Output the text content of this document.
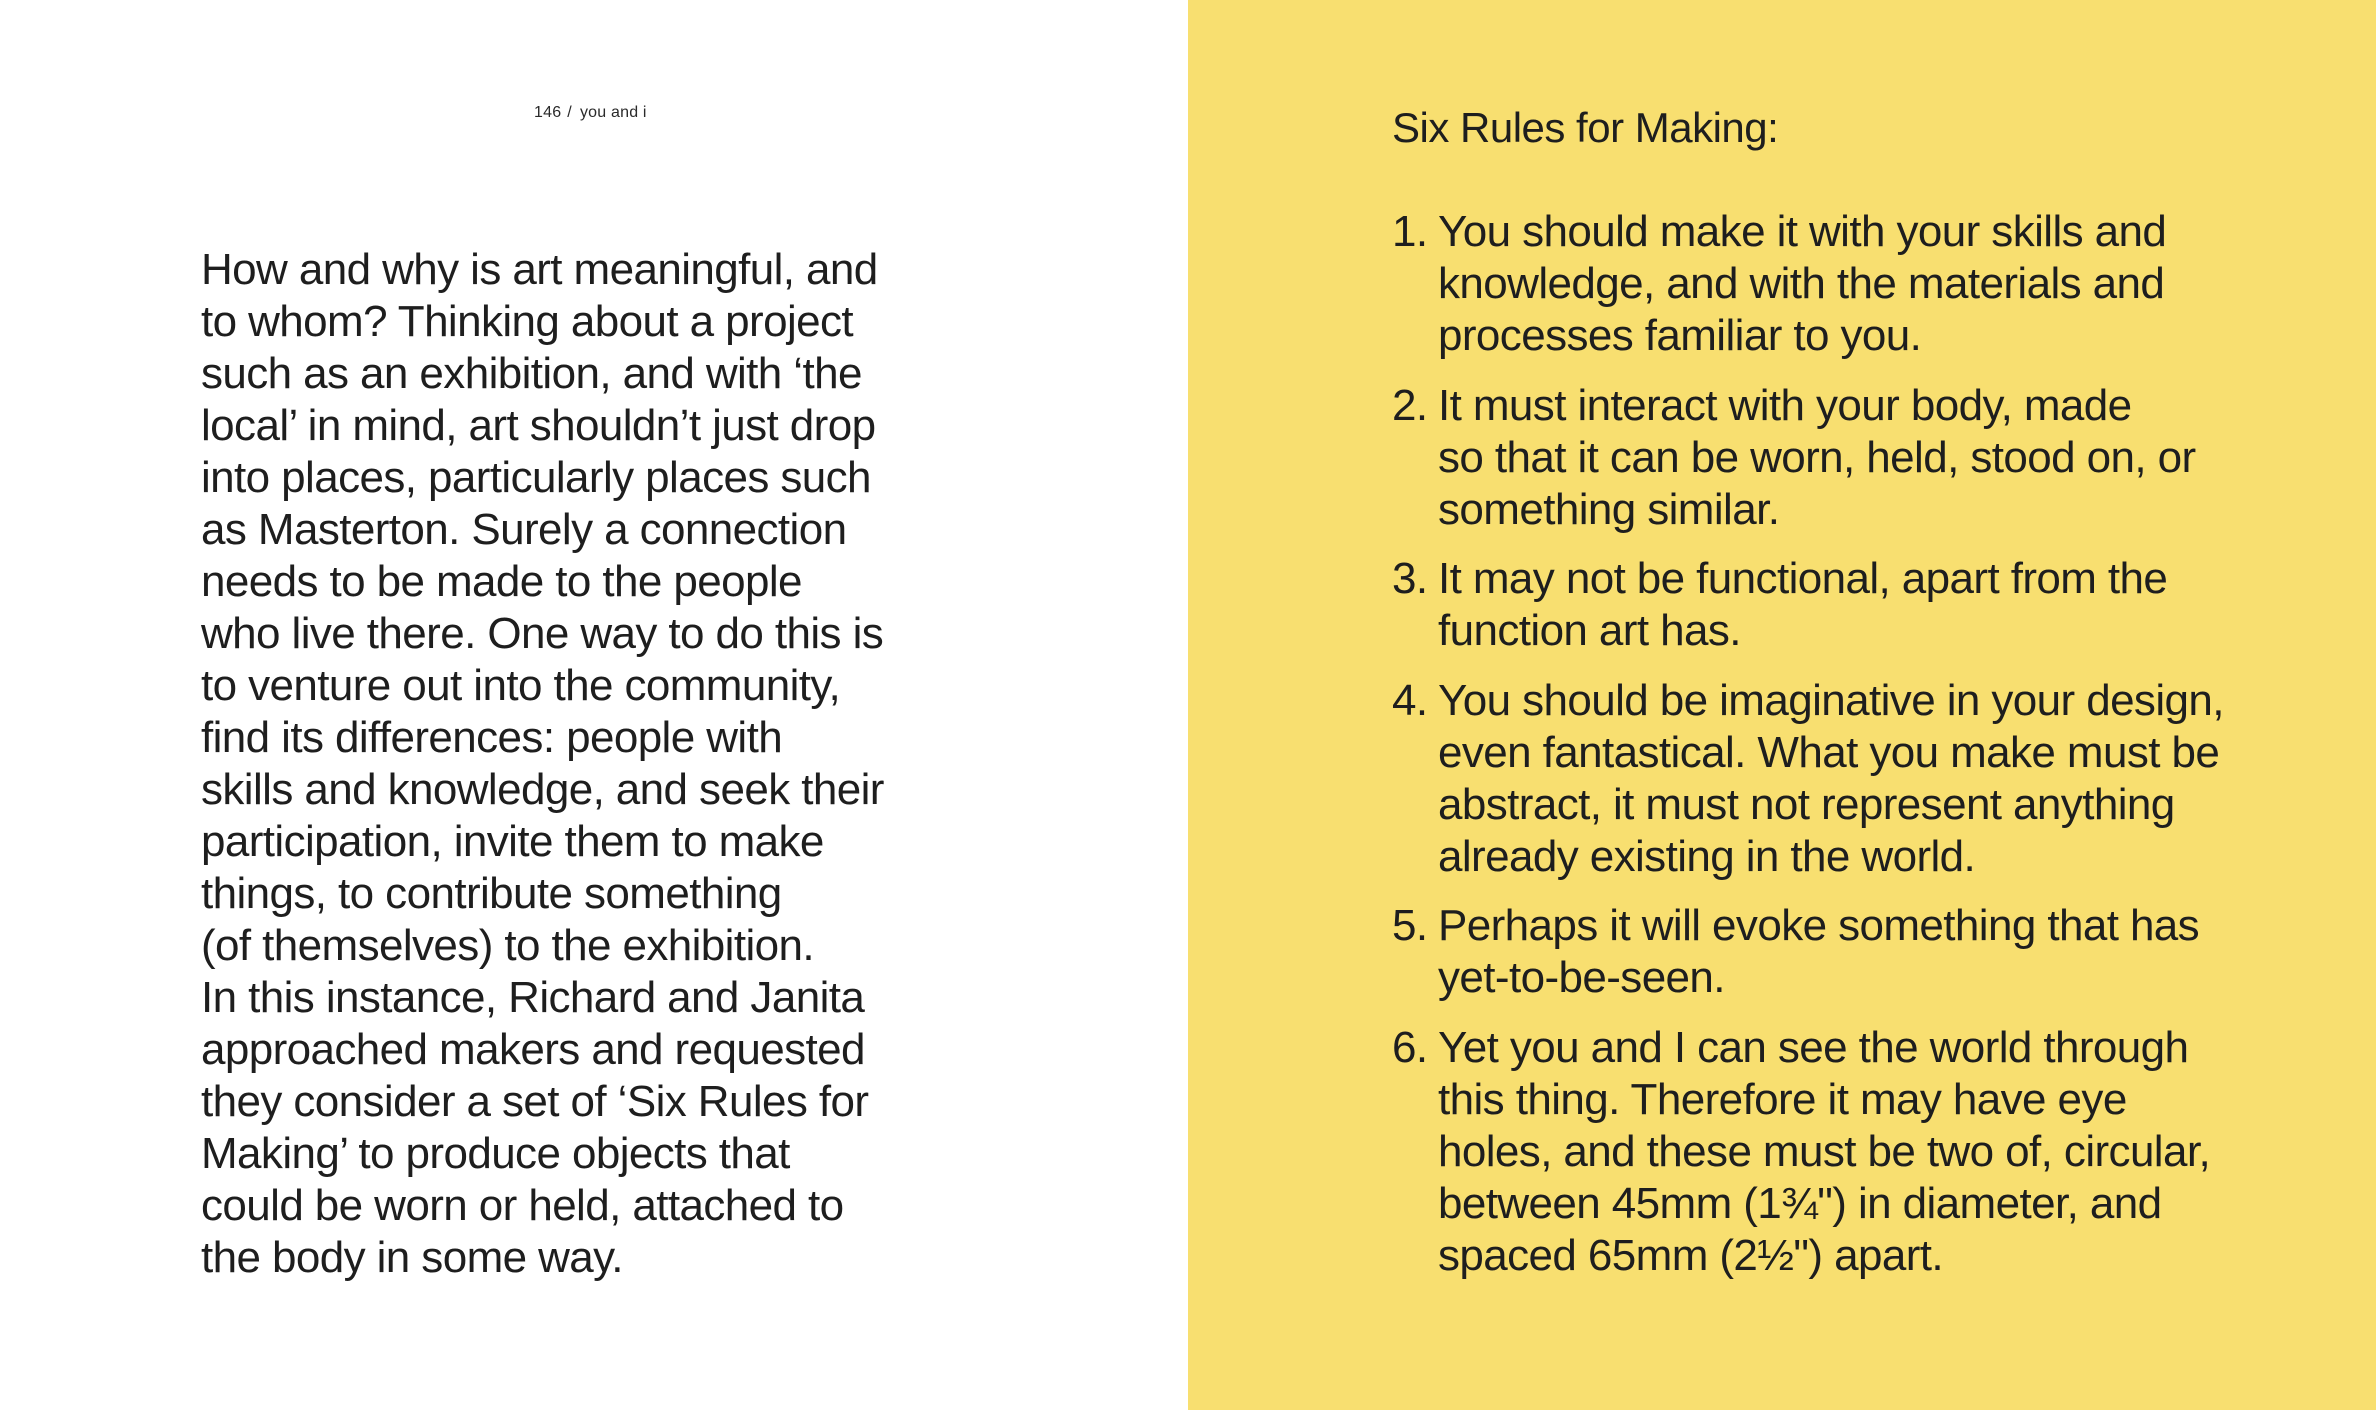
146 / you and i
How and why is art meaningful, and
to whom? Thinking about a project
such as an exhibition, and with ‘the
local’ in mind, art shouldn’t just drop
into places, particularly places such
as Masterton. Surely a connection
needs to be made to the people
who live there. One way to do this is
to venture out into the community,
find its differences: people with
skills and knowledge, and seek their
participation, invite them to make
things, to contribute something
(of themselves) to the exhibition.
In this instance, Richard and Janita
approached makers and requested
they consider a set of ‘Six Rules for
Making’ to produce objects that
could be worn or held, attached to
the body in some way.
Six Rules for Making:
1. You should make it with your skills and
knowledge, and with the materials and
processes familiar to you.
2. It must interact with your body, made
so that it can be worn, held, stood on, or
something similar.
3. It may not be functional, apart from the
function art has.
4. You should be imaginative in your design,
even fantastical. What you make must be
abstract, it must not represent anything
already existing in the world.
5. Perhaps it will evoke something that has
yet-to-be-seen.
6. Yet you and I can see the world through
this thing. Therefore it may have eye
holes, and these must be two of, circular,
between 45mm (1¾") in diameter, and
spaced 65mm (2½") apart.
